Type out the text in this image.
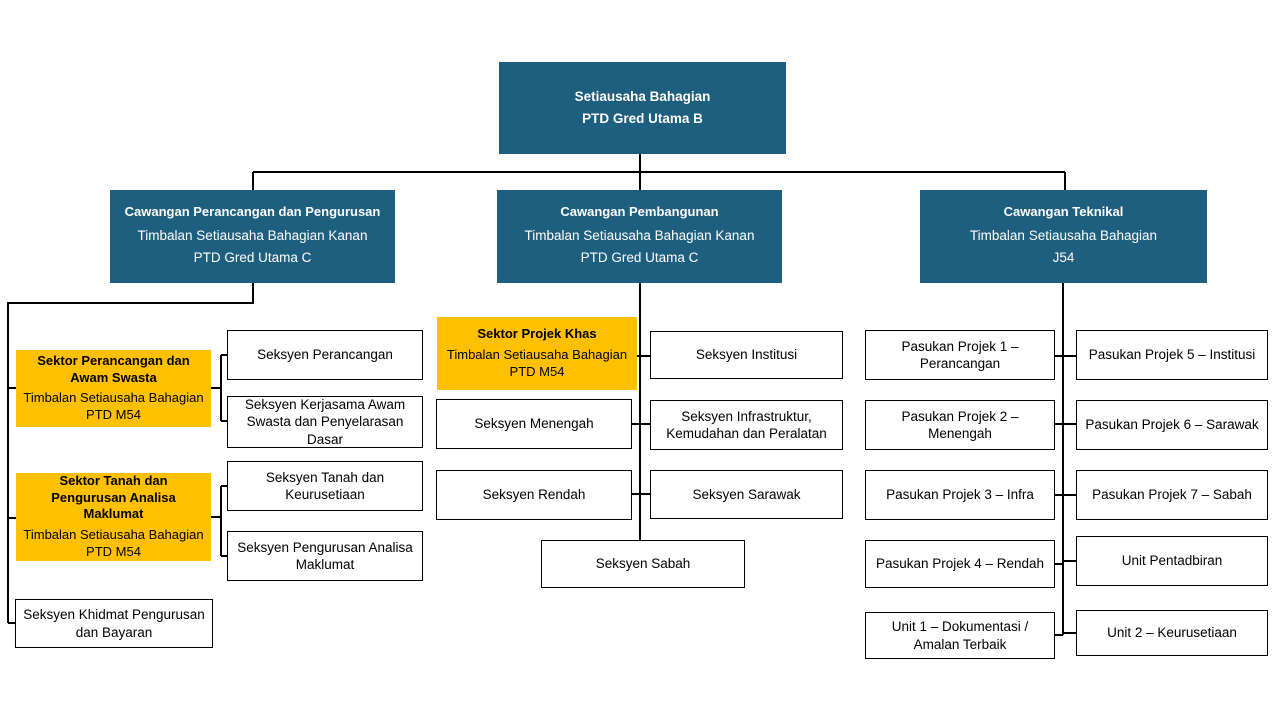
Setiausaha Bahagian
PTD Gred Utama B
Cawangan Perancangan dan Pengurusan
Timbalan Setiausaha Bahagian Kanan
PTD Gred Utama C
Cawangan Pembangunan
Timbalan Setiausaha Bahagian Kanan
PTD Gred Utama C
Cawangan Teknikal
Timbalan Setiausaha Bahagian
J54
Sektor Perancangan dan Awam Swasta
Timbalan Setiausaha Bahagian PTD M54
Sektor Tanah dan Pengurusan Analisa Maklumat
Timbalan Setiausaha Bahagian PTD M54
Seksyen Khidmat Pengurusan dan Bayaran
Seksyen Perancangan
Seksyen Kerjasama Awam Swasta dan Penyelarasan Dasar
Seksyen Tanah dan Keurusetiaan
Seksyen Pengurusan Analisa Maklumat
Sektor Projek Khas
Timbalan Setiausaha Bahagian PTD M54
Seksyen Menengah
Seksyen Rendah
Seksyen Sabah
Seksyen Institusi
Seksyen Infrastruktur, Kemudahan dan Peralatan
Seksyen Sarawak
Pasukan Projek 1 – Perancangan
Pasukan Projek 2 – Menengah
Pasukan Projek 3 – Infra
Pasukan Projek 4 – Rendah
Unit 1 – Dokumentasi / Amalan Terbaik
Pasukan Projek 5 – Institusi
Pasukan Projek 6 – Sarawak
Pasukan Projek 7 – Sabah
Unit Pentadbiran
Unit 2 – Keurusetiaan
